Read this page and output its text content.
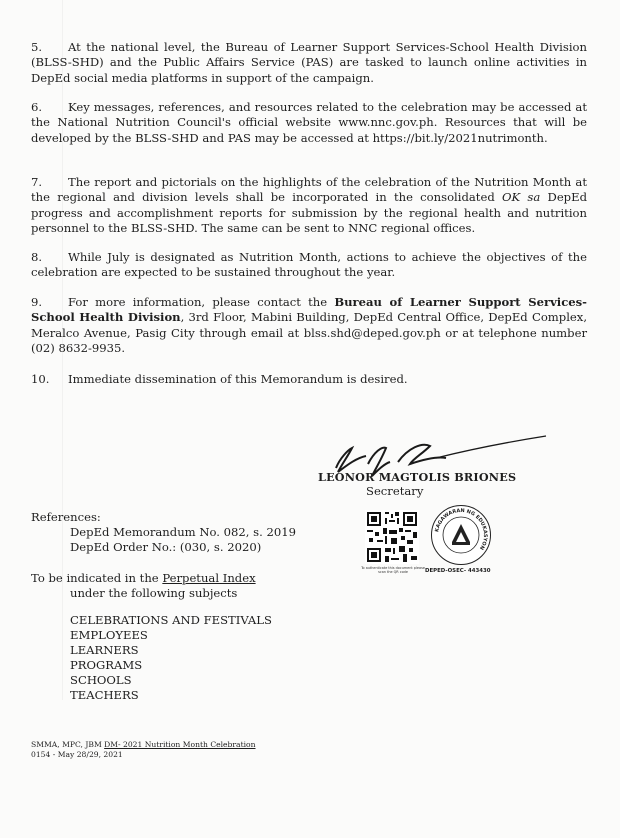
5. At the national level, the Bureau of Learner Support Services-School Health Division (BLSS-SHD) and the Public Affairs Service (PAS) are tasked to launch online activities in DepEd social media platforms in support of the campaign.
6. Key messages, references, and resources related to the celebration may be accessed at the National Nutrition Council's official website www.nnc.gov.ph. Resources that will be developed by the BLSS-SHD and PAS may be accessed at https://bit.ly/2021nutrimonth.
7. The report and pictorials on the highlights of the celebration of the Nutrition Month at the regional and division levels shall be incorporated in the consolidated OK sa DepEd progress and accomplishment reports for submission by the regional health and nutrition personnel to the BLSS-SHD. The same can be sent to NNC regional offices.
8. While July is designated as Nutrition Month, actions to achieve the objectives of the celebration are expected to be sustained throughout the year.
9. For more information, please contact the Bureau of Learner Support Services-School Health Division, 3rd Floor, Mabini Building, DepEd Central Office, DepEd Complex, Meralco Avenue, Pasig City through email at blss.shd@deped.gov.ph or at telephone number (02) 8632-9935.
10. Immediate dissemination of this Memorandum is desired.
LEONOR MAGTOLIS BRIONES
Secretary
To authenticate this document please scan the QR code
KAGAWARAN NG EDUKASYON
DEPED-OSEC- 443430
References:
DepEd Memorandum No. 082, s. 2019
DepEd Order No.: (030, s. 2020)
To be indicated in the Perpetual Index
under the following subjects
CELEBRATIONS AND FESTIVALS
EMPLOYEES
LEARNERS
PROGRAMS
SCHOOLS
TEACHERS
SMMA, MPC, JBM DM- 2021 Nutrition Month Celebration
0154 - May 28/29, 2021
